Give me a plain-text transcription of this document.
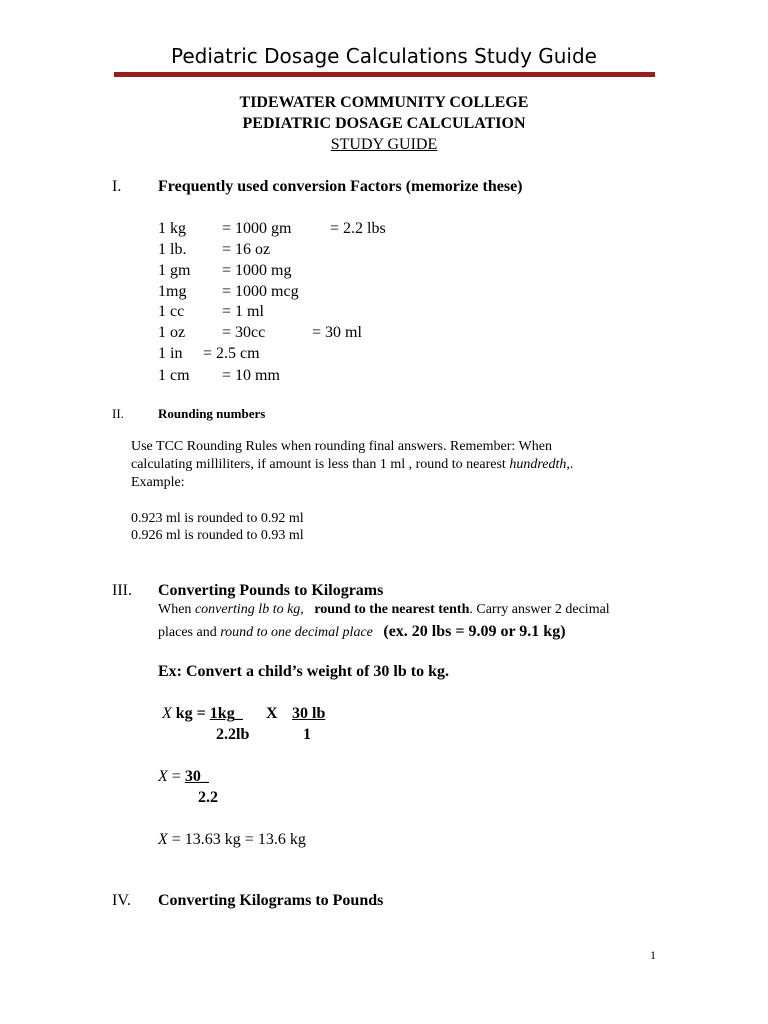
Pediatric Dosage Calculations Study Guide
TIDEWATER COMMUNITY COLLEGE
PEDIATRIC DOSAGE CALCULATION
STUDY GUIDE
I. Frequently used conversion Factors (memorize these)
1 kg = 1000 gm = 2.2 lbs
1 lb. = 16 oz
1 gm = 1000 mg
1mg = 1000 mcg
1 cc = 1 ml
1 oz = 30cc	= 30 ml
1 in = 2.5 cm
1 cm = 10 mm
II.	Rounding numbers
Use TCC Rounding Rules when rounding final answers. Remember: When
calculating milliliters, if amount is less than 1 ml , round to nearest hundredth,.
Example:
0.923 ml is rounded to 0.92 ml
0.926 ml is rounded to 0.93 ml
III. Converting Pounds to Kilograms
When converting lb to kg, round to the nearest tenth. Carry answer 2 decimal
places and round to one decimal place (ex. 20 lbs = 9.09 or 9.1 kg)
Ex: Convert a child’s weight of 30 lb to kg.
X kg = 1kg_ X 30 lb
2.2lb	1
X = 30_
2.2
X = 13.63 kg = 13.6 kg
IV. Converting Kilograms to Pounds
1
